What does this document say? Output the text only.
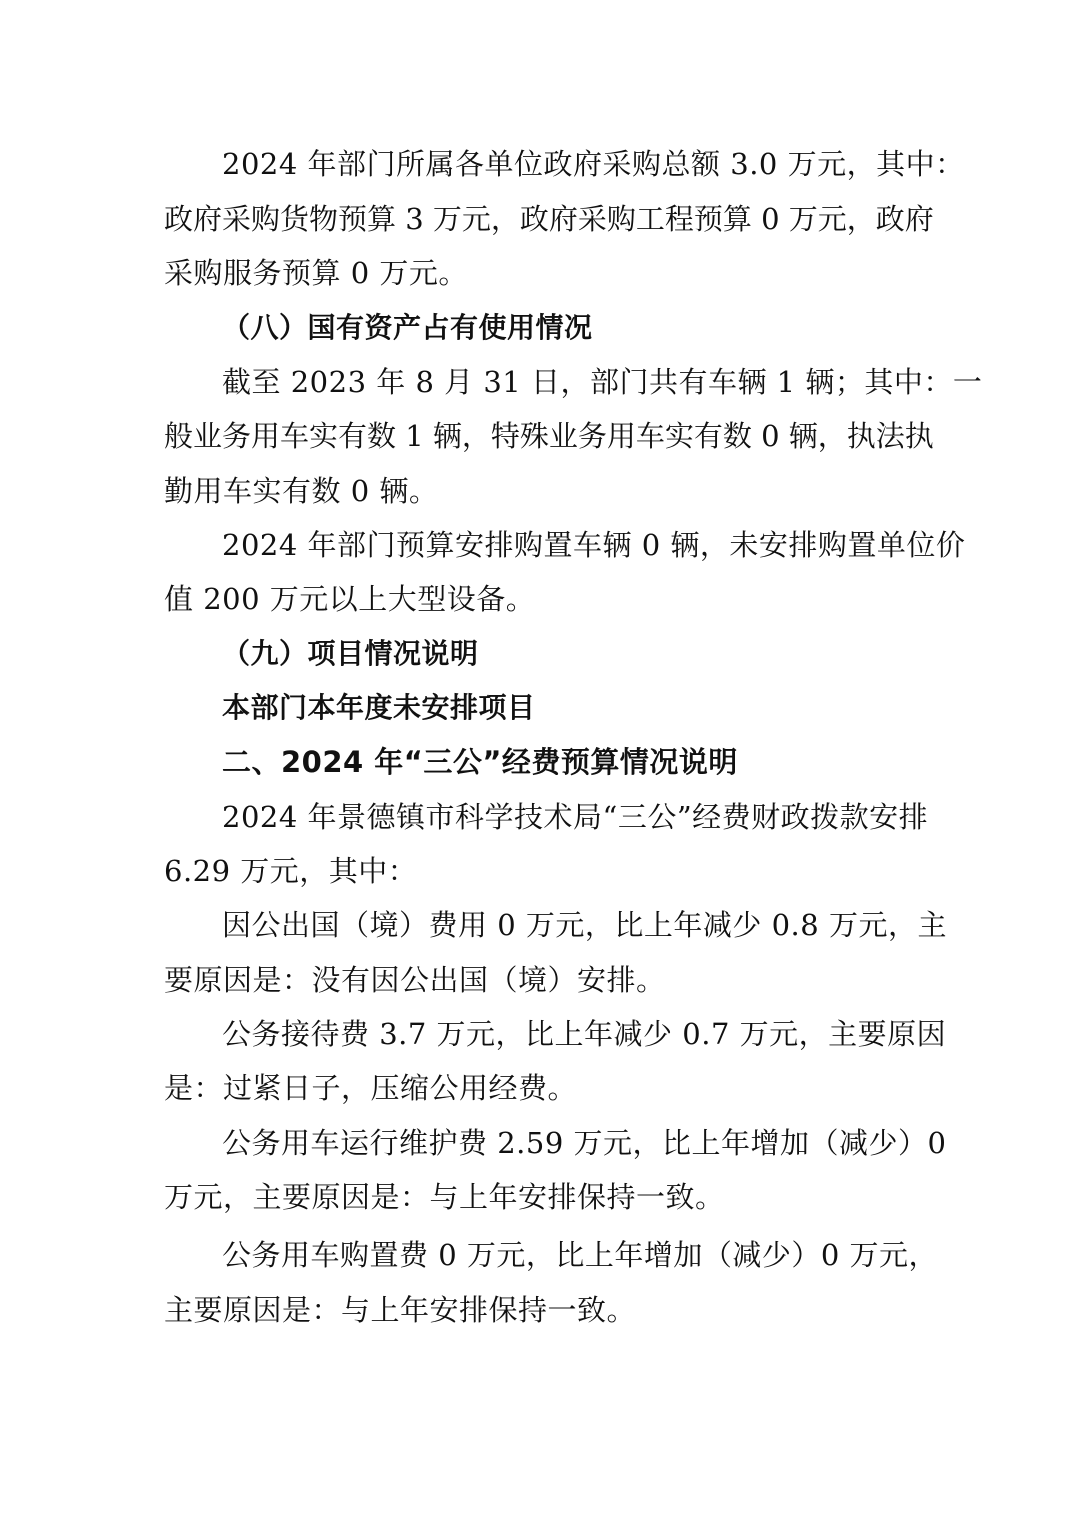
2024 年部门所属各单位政府采购总额 3.0 万元，其中：
政府采购货物预算 3 万元，政府采购工程预算 0 万元，政府
采购服务预算 0 万元。
（八）国有资产占有使用情况
截至 2023 年 8 月 31 日，部门共有车辆 1 辆；其中：一
般业务用车实有数 1 辆，特殊业务用车实有数 0 辆，执法执
勤用车实有数 0 辆。
2024 年部门预算安排购置车辆 0 辆，未安排购置单位价
值 200 万元以上大型设备。
（九）项目情况说明
本部门本年度未安排项目
二、2024 年“三公”经费预算情况说明
2024 年景德镇市科学技术局“三公”经费财政拨款安排
6.29 万元，其中：
因公出国（境）费用 0 万元，比上年减少 0.8 万元，主
要原因是：没有因公出国（境）安排。
公务接待费 3.7 万元，比上年减少 0.7 万元，主要原因
是：过紧日子，压缩公用经费。
公务用车运行维护费 2.59 万元，比上年增加（减少）0
万元，主要原因是：与上年安排保持一致。
公务用车购置费 0 万元，比上年增加（减少）0 万元，
主要原因是：与上年安排保持一致。
